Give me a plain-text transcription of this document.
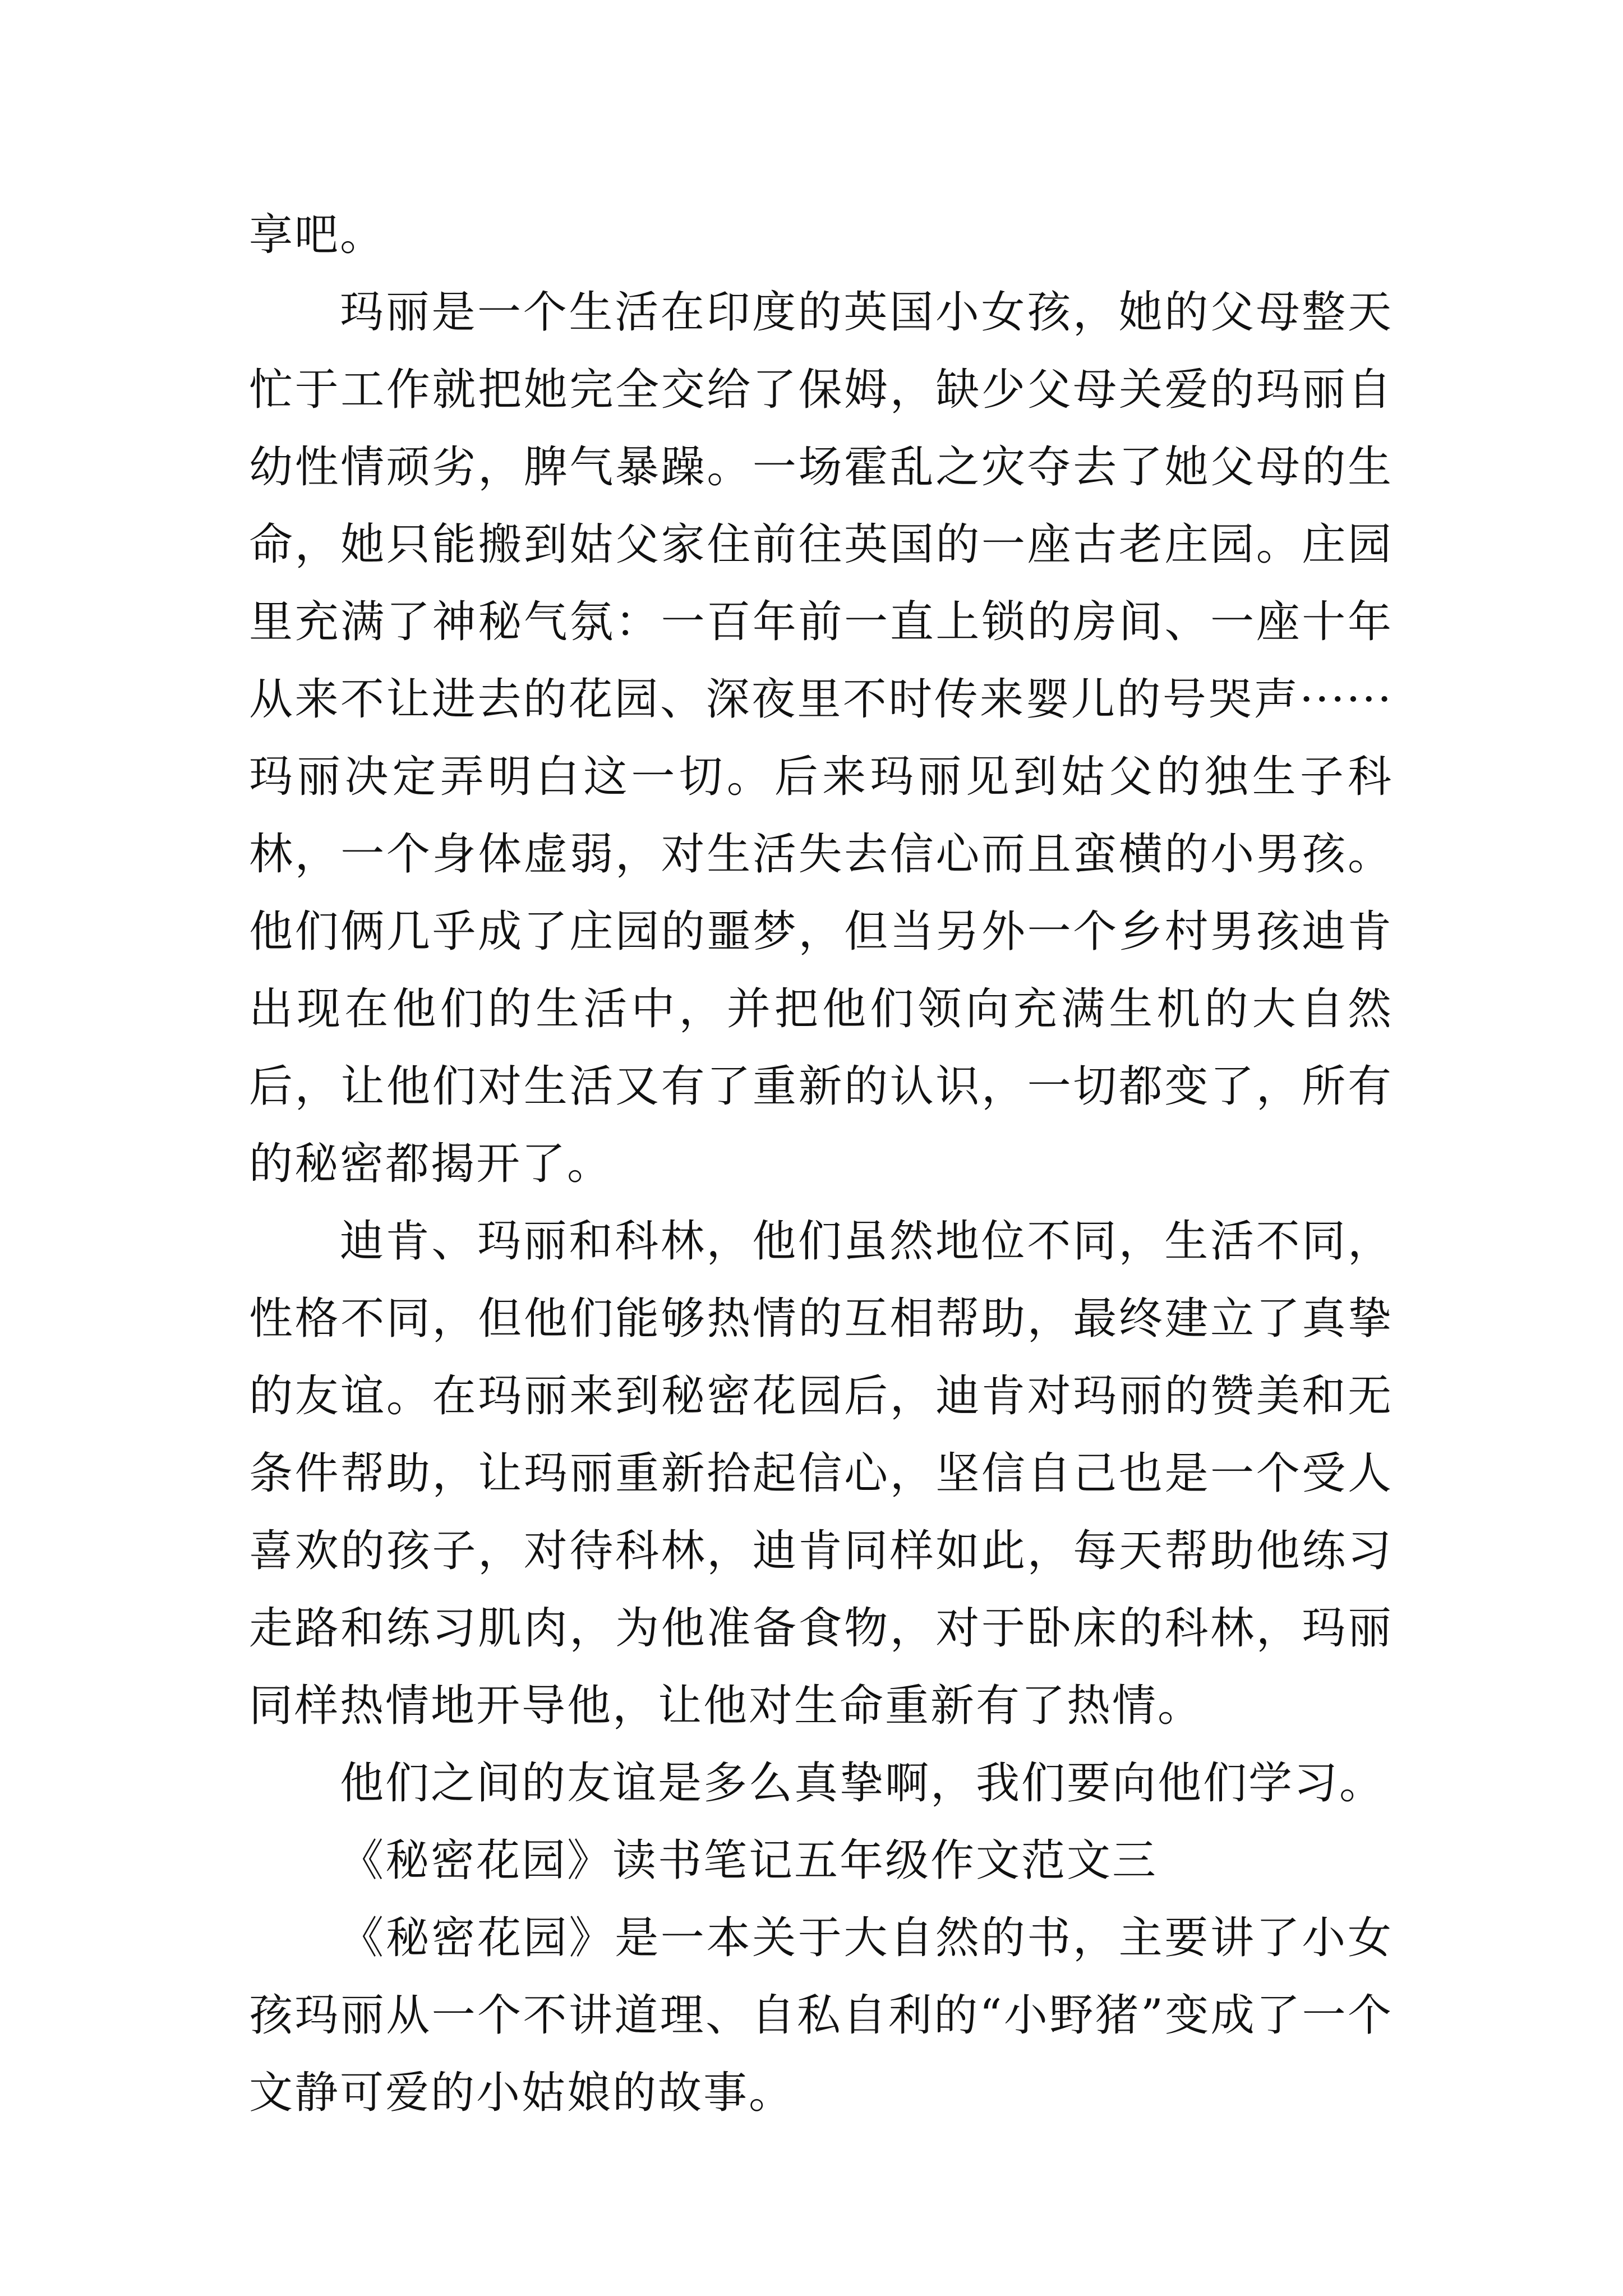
享吧。

玛丽是一个生活在印度的英国小女孩，她的父母整天忙于工作就把她完全交给了保姆，缺少父母关爱的玛丽自幼性情顽劣，脾气暴躁。一场霍乱之灾夺去了她父母的生命，她只能搬到姑父家住前往英国的一座古老庄园。庄园里充满了神秘气氛：一百年前一直上锁的房间、一座十年从来不让进去的花园、深夜里不时传来婴儿的号哭声······玛丽决定弄明白这一切。后来玛丽见到姑父的独生子科林，一个身体虚弱，对生活失去信心而且蛮横的小男孩。他们俩几乎成了庄园的噩梦，但当另外一个乡村男孩迪肯出现在他们的生活中，并把他们领向充满生机的大自然后，让他们对生活又有了重新的认识，一切都变了，所有的秘密都揭开了。

迪肯、玛丽和科林，他们虽然地位不同，生活不同，性格不同，但他们能够热情的互相帮助，最终建立了真挚的友谊。在玛丽来到秘密花园后，迪肯对玛丽的赞美和无条件帮助，让玛丽重新拾起信心，坚信自己也是一个受人喜欢的孩子，对待科林，迪肯同样如此，每天帮助他练习走路和练习肌肉，为他准备食物，对于卧床的科林，玛丽同样热情地开导他，让他对生命重新有了热情。

他们之间的友谊是多么真挚啊，我们要向他们学习。

《秘密花园》读书笔记五年级作文范文三

《秘密花园》是一本关于大自然的书，主要讲了小女孩玛丽从一个不讲道理、自私自利的“小野猪”变成了一个文静可爱的小姑娘的故事。
